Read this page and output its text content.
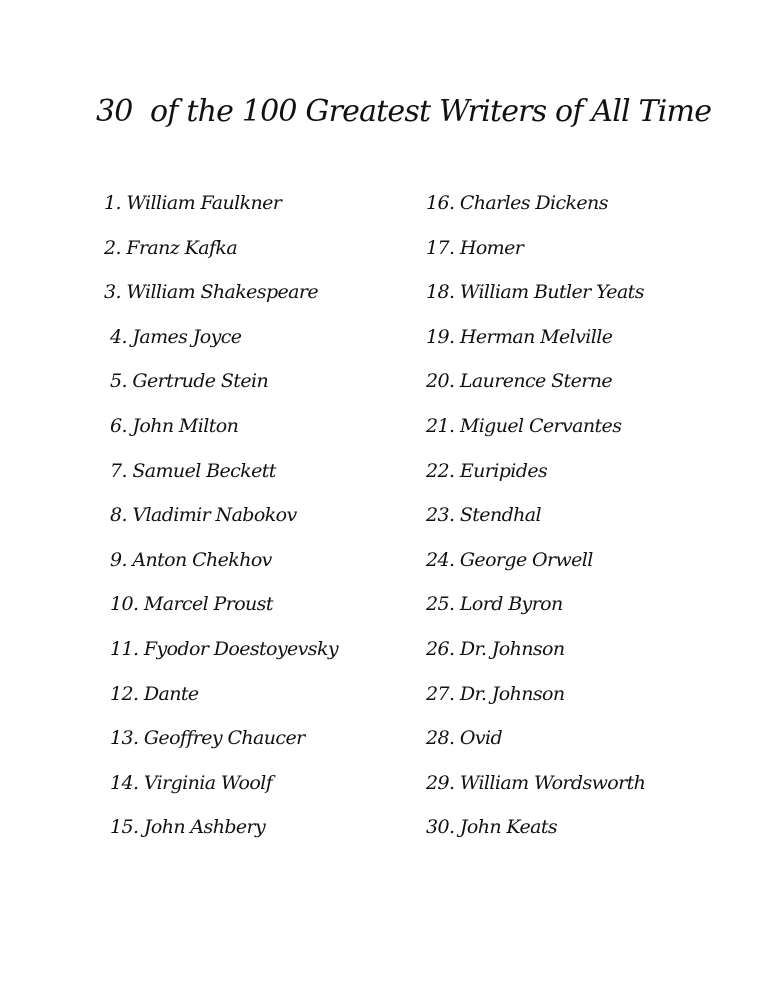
30  of the 100 Greatest Writers of All Time
1. William Faulkner
2. Franz Kafka
3. William Shakespeare
4. James Joyce
5. Gertrude Stein
6. John Milton
7. Samuel Beckett
8. Vladimir Nabokov
9. Anton Chekhov
10. Marcel Proust
11. Fyodor Doestoyevsky
12. Dante
13. Geoffrey Chaucer
14. Virginia Woolf
15. John Ashbery
16. Charles Dickens
17. Homer
18. William Butler Yeats
19. Herman Melville
20. Laurence Sterne
21. Miguel Cervantes
22. Euripides
23. Stendhal
24. George Orwell
25. Lord Byron
26. Dr. Johnson
27. Dr. Johnson
28. Ovid
29. William Wordsworth
30. John Keats
